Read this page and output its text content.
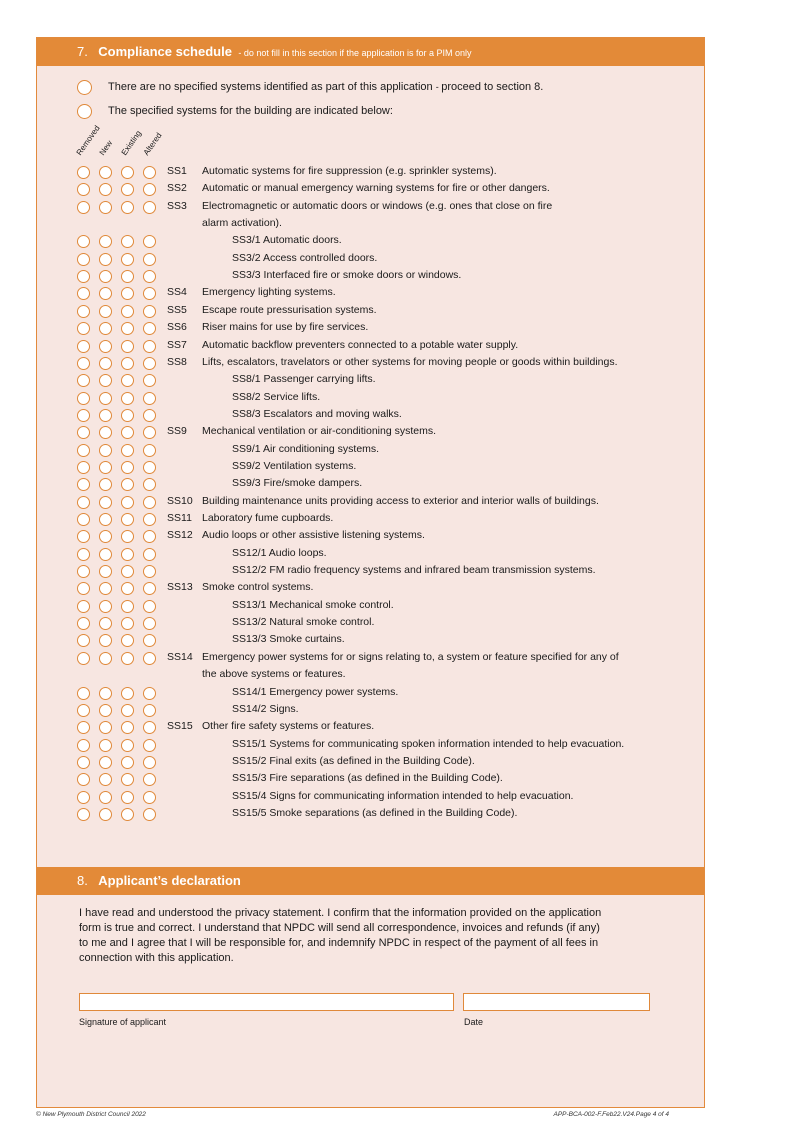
7. Compliance schedule - do not fill in this section if the application is for a PIM only
There are no specified systems identified as part of this application - proceed to section 8.
The specified systems for the building are indicated below:
Removed
New Existing
Altered
SS1 Automatic systems for fire suppression (e.g. sprinkler systems).
SS2 Automatic or manual emergency warning systems for fire or other dangers.
SS3 Electromagnetic or automatic doors or windows (e.g. ones that close on fire
alarm activation).
SS3/1 Automatic doors.
SS3/2 Access controlled doors.
SS3/3 Interfaced fire or smoke doors or windows.
SS4 Emergency lighting systems.
SS5 Escape route pressurisation systems.
SS6 Riser mains for use by fire services.
SS7 Automatic backflow preventers connected to a potable water supply.
SS8 Lifts, escalators, travelators or other systems for moving people or goods within buildings.
SS8/1 Passenger carrying lifts.
SS8/2 Service lifts.
SS8/3 Escalators and moving walks.
SS9 Mechanical ventilation or air-conditioning systems.
SS9/1 Air conditioning systems.
SS9/2 Ventilation systems.
SS9/3 Fire/smoke dampers.
SS10 Building maintenance units providing access to exterior and interior walls of buildings.
SS11 Laboratory fume cupboards.
SS12 Audio loops or other assistive listening systems.
SS12/1 Audio loops.
SS12/2 FM radio frequency systems and infrared beam transmission systems.
SS13 Smoke control systems.
SS13/1 Mechanical smoke control.
SS13/2 Natural smoke control.
SS13/3 Smoke curtains.
SS14 Emergency power systems for or signs relating to, a system or feature specified for any of
the above systems or features.
SS14/1 Emergency power systems.
SS14/2 Signs.
SS15 Other fire safety systems or features.
SS15/1 Systems for communicating spoken information intended to help evacuation.
SS15/2 Final exits (as defined in the Building Code).
SS15/3 Fire separations (as defined in the Building Code).
SS15/4 Signs for communicating information intended to help evacuation.
SS15/5 Smoke separations (as defined in the Building Code).
8. Applicant’s declaration
I have read and understood the privacy statement. I confirm that the information provided on the application
form is true and correct. I understand that NPDC will send all correspondence, invoices and refunds (if any)
to me and I agree that I will be responsible for, and indemnify NPDC in respect of the payment of all fees in
connection with this application.
Signature of applicant	Date
© New Plymouth District Council 2022	APP-BCA-002-F.Feb22.V24.Page 4 of 4
